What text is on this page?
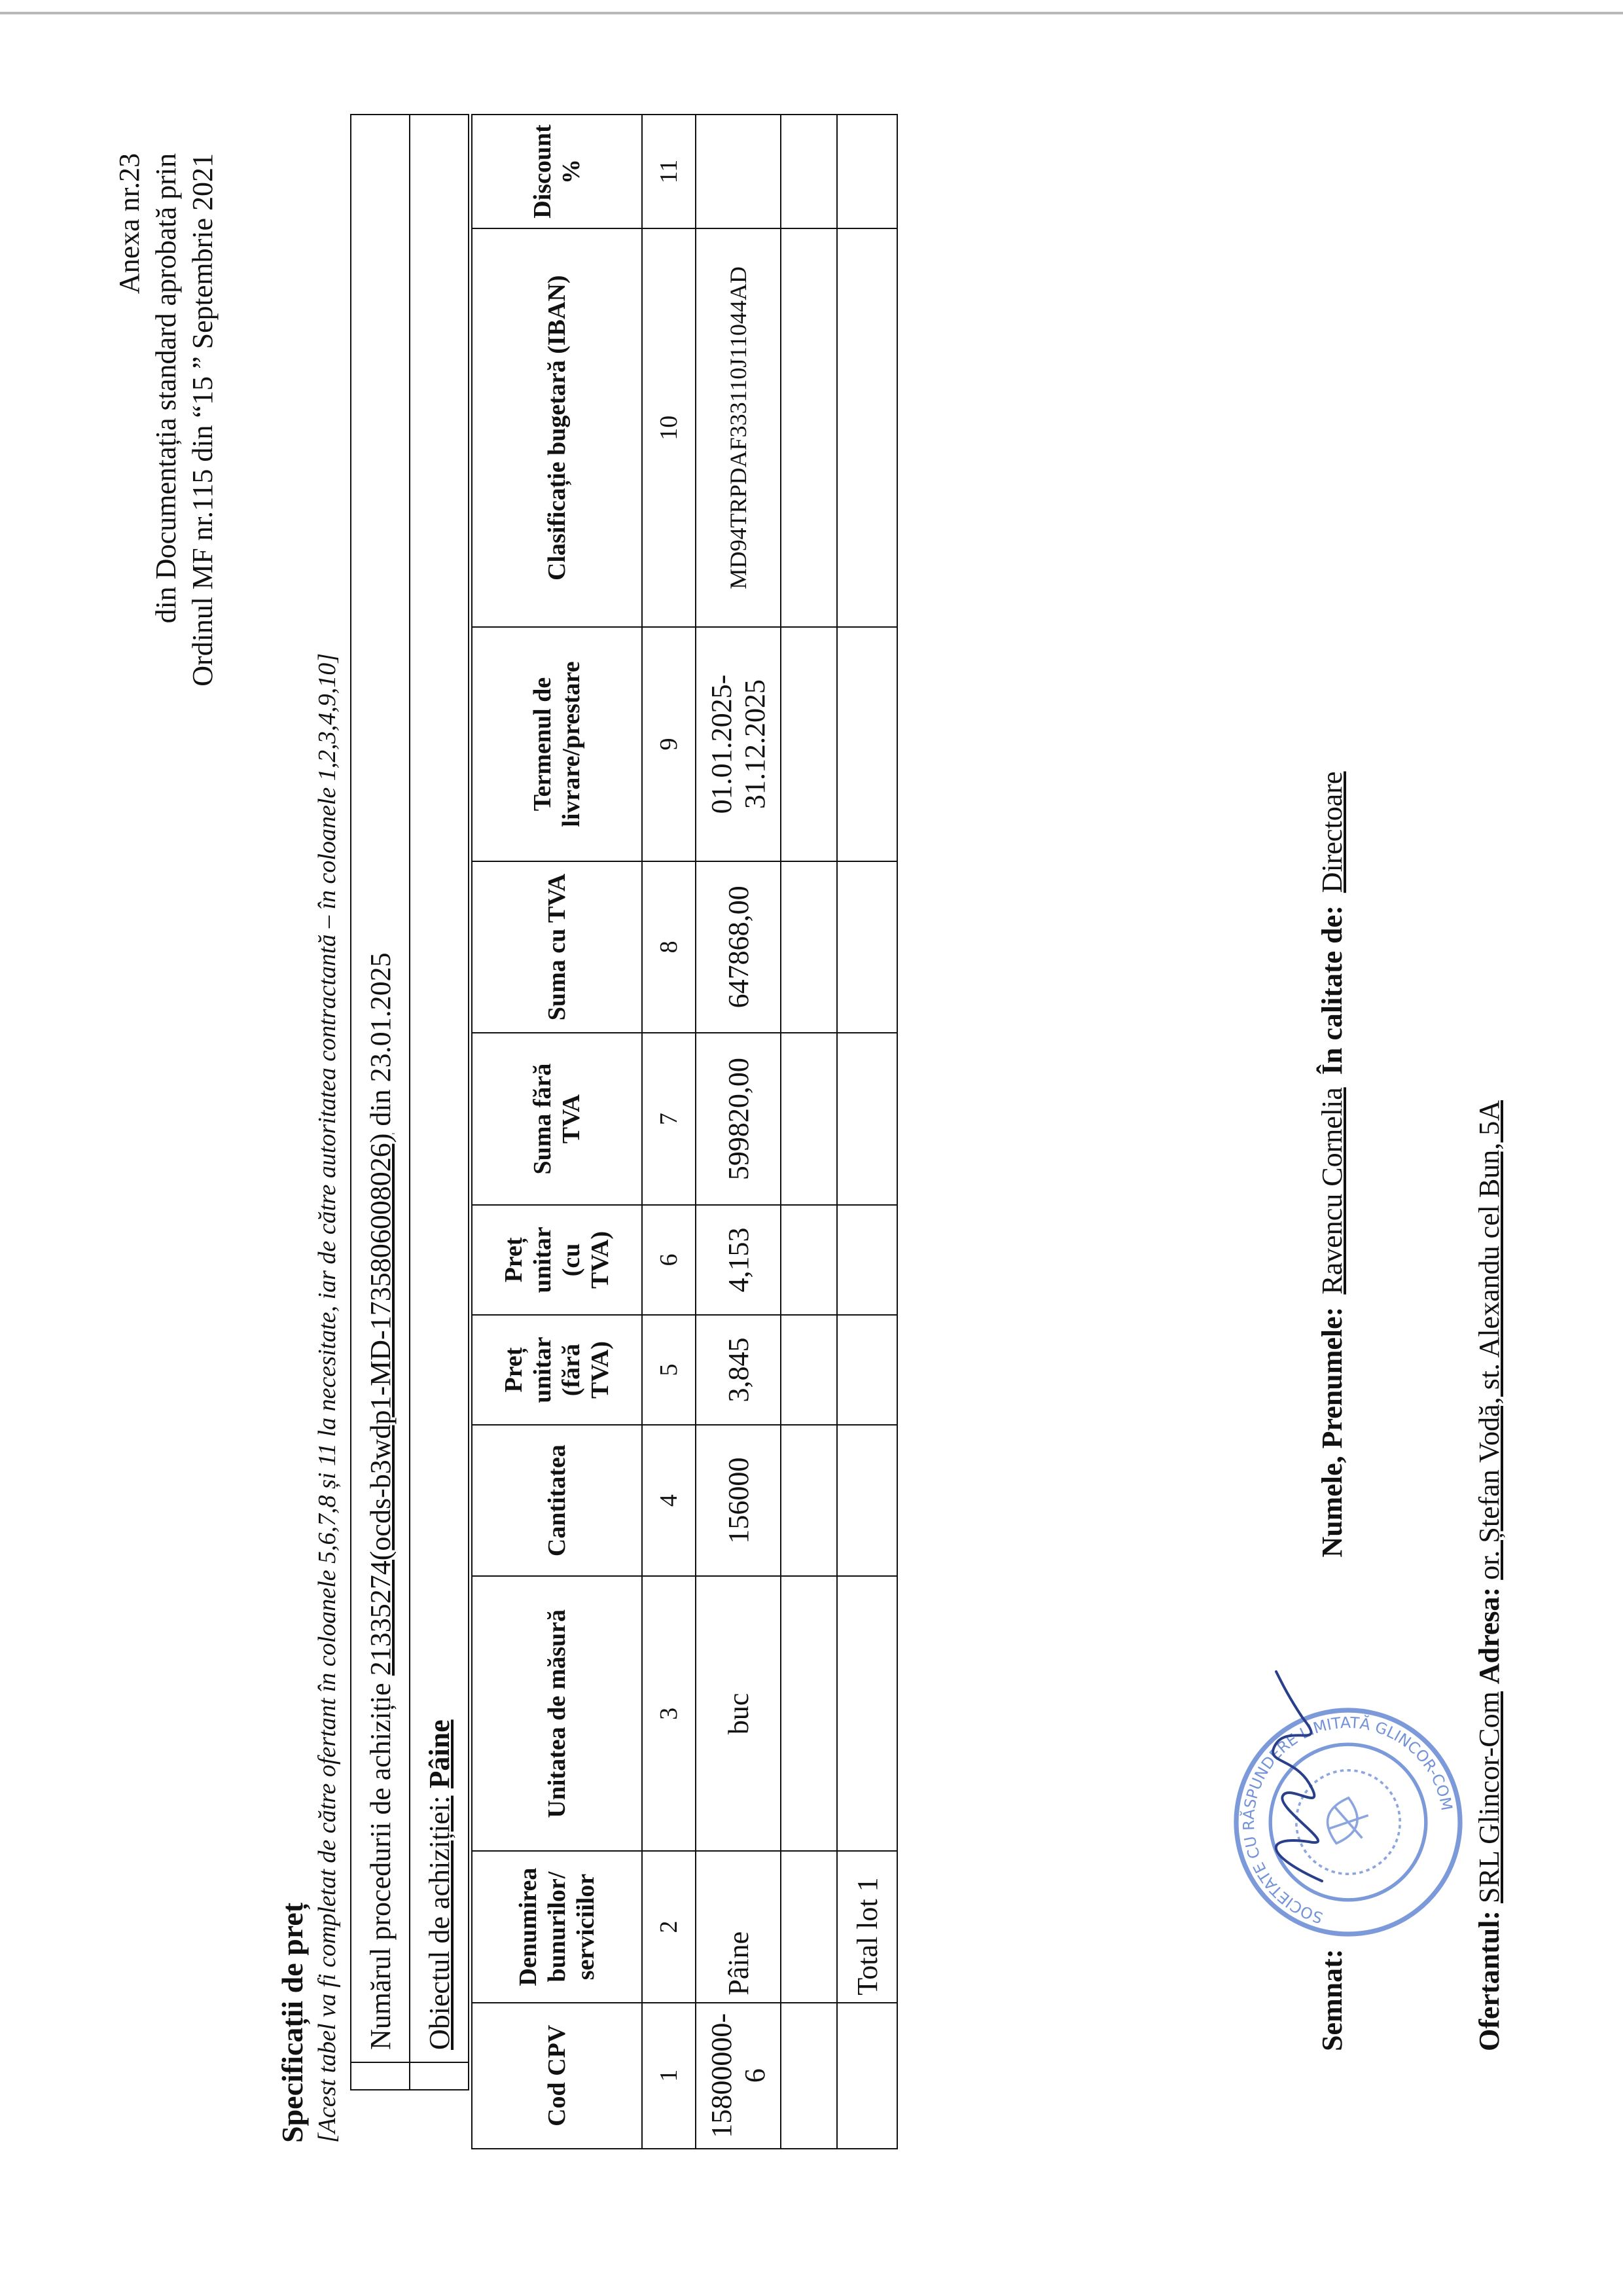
Anexa nr.23 din Documentația standard aprobată prin Ordinul MF nr.115 din “15 ” Septembrie 2021

Specificații de preț [Acest tabel va fi completat de către ofertant în coloanele 5,6,7,8 și 11 la necesitate, iar de către autoritatea contractantă – în coloanele 1,2,3,4,9,10]

	Numărul procedurii de achiziție 21335274(ocds-b3wdp1-MD-1735806008026) din 23.01.2025
	Obiectul de achiziției: Pâine
Cod CPV	Denumirea bunurilor/ serviciilor	Unitatea de măsură	Cantitatea	Preț unitar (fără TVA)	Preț unitar (cu TVA)	Suma fără TVA	Suma cu TVA	Termenul de livrare/prestare	Clasificație bugetară (IBAN)	Discount %
1	2	3	4	5	6	7	8	9	10	11
15800000-6	Pâine	buc	156000	3,845	4,153	599820,00	647868,00	01.01.2025-31.12.2025	MD94TRPDAF333110J11044AD	

	Total lot 1										SOCIETATE CU RĂSPUNDERE LIMITATĂ GLINCOR-COM
Semnat:  Numele, Prenumele: Ravencu Cornelia În calitate de: Directoare
Ofertantul: SRL Glincor-Com Adresa: or. Ștefan Vodă, st. Alexandu cel Bun, 5A
